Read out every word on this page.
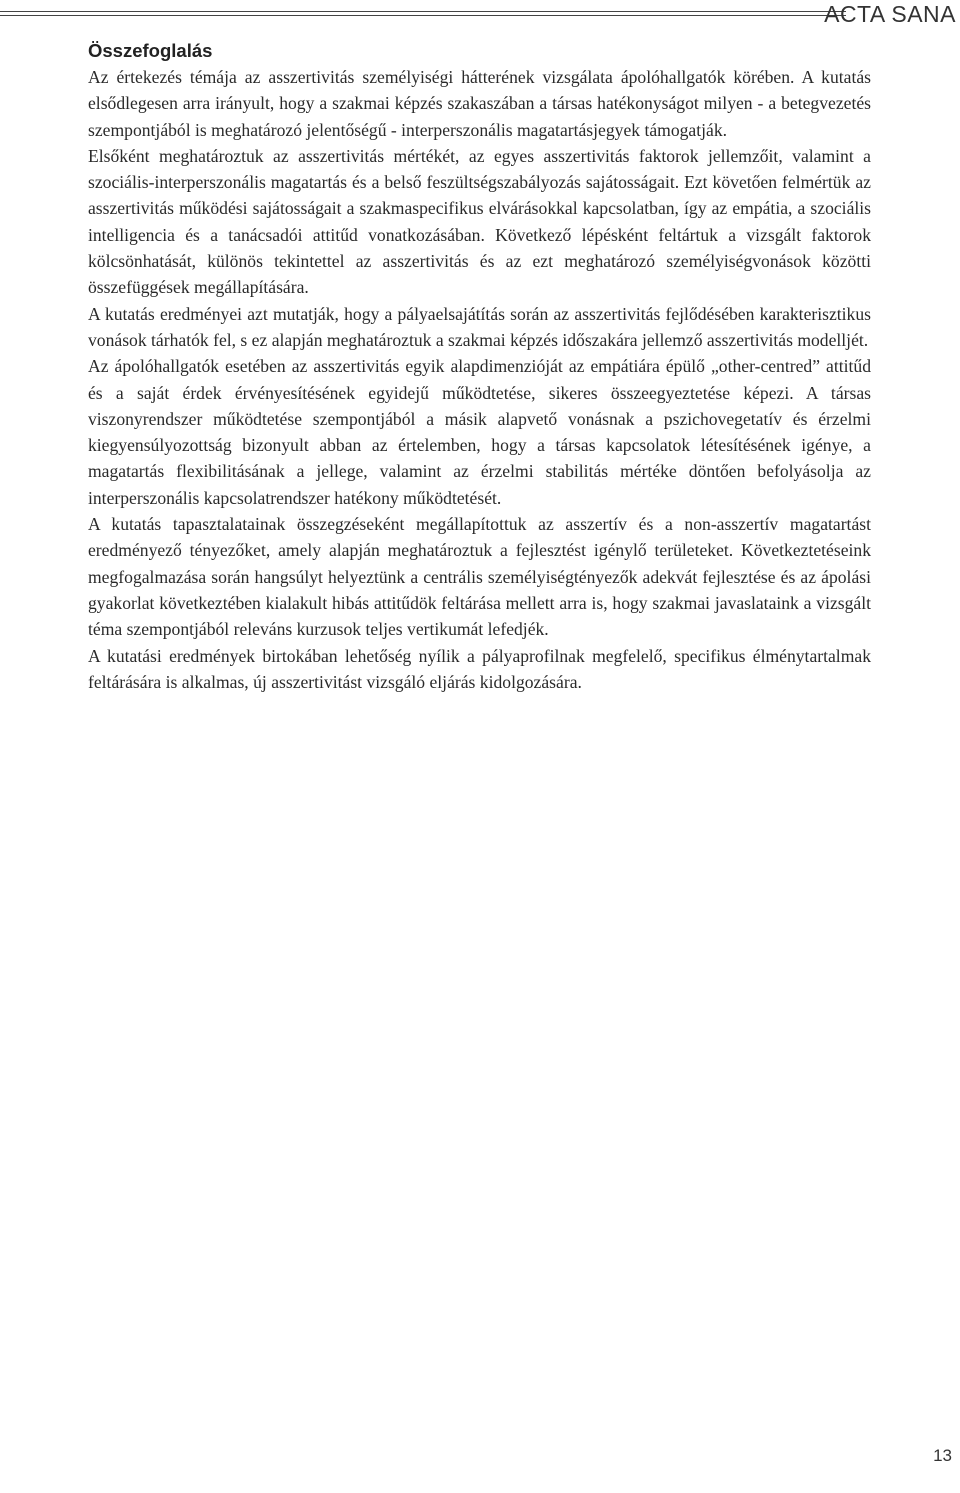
ACTA SANA
Összefoglalás

Az értekezés témája az asszertivitás személyiségi hátterének vizsgálata ápolóhallgatók körében. A kutatás elsődlegesen arra irányult, hogy a szakmai képzés szakaszában a társas hatékonyságot milyen - a betegvezetés szempontjából is meghatározó jelentőségű - interperszonális magatartásjegyek támogatják.

Elsőként meghatároztuk az asszertivitás mértékét, az egyes asszertivitás faktorok jellemzőit, valamint a szociális-interperszonális magatartás és a belső feszültségszabályozás sajátosságait. Ezt követően felmértük az asszertivitás működési sajátosságait a szakmaspecifikus elvárásokkal kapcsolatban, így az empátia, a szociális intelligencia és a tanácsadói attitűd vonatkozásában. Következő lépésként feltártuk a vizsgált faktorok kölcsönhatását, különös tekintettel az asszertivitás és az ezt meghatározó személyiségvonások közötti összefüggések megállapítására.

A kutatás eredményei azt mutatják, hogy a pályaelsajátítás során az asszertivitás fejlődésében karakterisztikus vonások tárhatók fel, s ez alapján meghatároztuk a szakmai képzés időszakára jellemző asszertivitás modelljét.

Az ápolóhallgatók esetében az asszertivitás egyik alapdimenzióját az empátiára épülő „other-centred” attitűd és a saját érdek érvényesítésének egyidejű működtetése, sikeres összeegyeztetése képezi. A társas viszonyrendszer működtetése szempontjából a másik alapvető vonásnak a pszichovegetatív és érzelmi kiegyensúlyozottság bizonyult abban az értelemben, hogy a társas kapcsolatok létesítésének igénye, a magatartás flexibilitásának a jellege, valamint az érzelmi stabilitás mértéke döntően befolyásolja az interperszonális kapcsolatrendszer hatékony működtetését.

A kutatás tapasztalatainak összegzéseként megállapítottuk az asszertív és a non-asszertív magatartást eredményező tényezőket, amely alapján meghatároztuk a fejlesztést igénylő területeket. Következtetéseink megfogalmazása során hangsúlyt helyeztünk a centrális személyiségtényezők adekvát fejlesztése és az ápolási gyakorlat következtében kialakult hibás attitűdök feltárása mellett arra is, hogy szakmai javaslataink a vizsgált téma szempontjából releváns kurzusok teljes vertikumát lefedjék.

A kutatási eredmények birtokában lehetőség nyílik a pályaprofilnak megfelelő, specifikus élménytartalmak feltárására is alkalmas, új asszertivitást vizsgáló eljárás kidolgozására.

13
